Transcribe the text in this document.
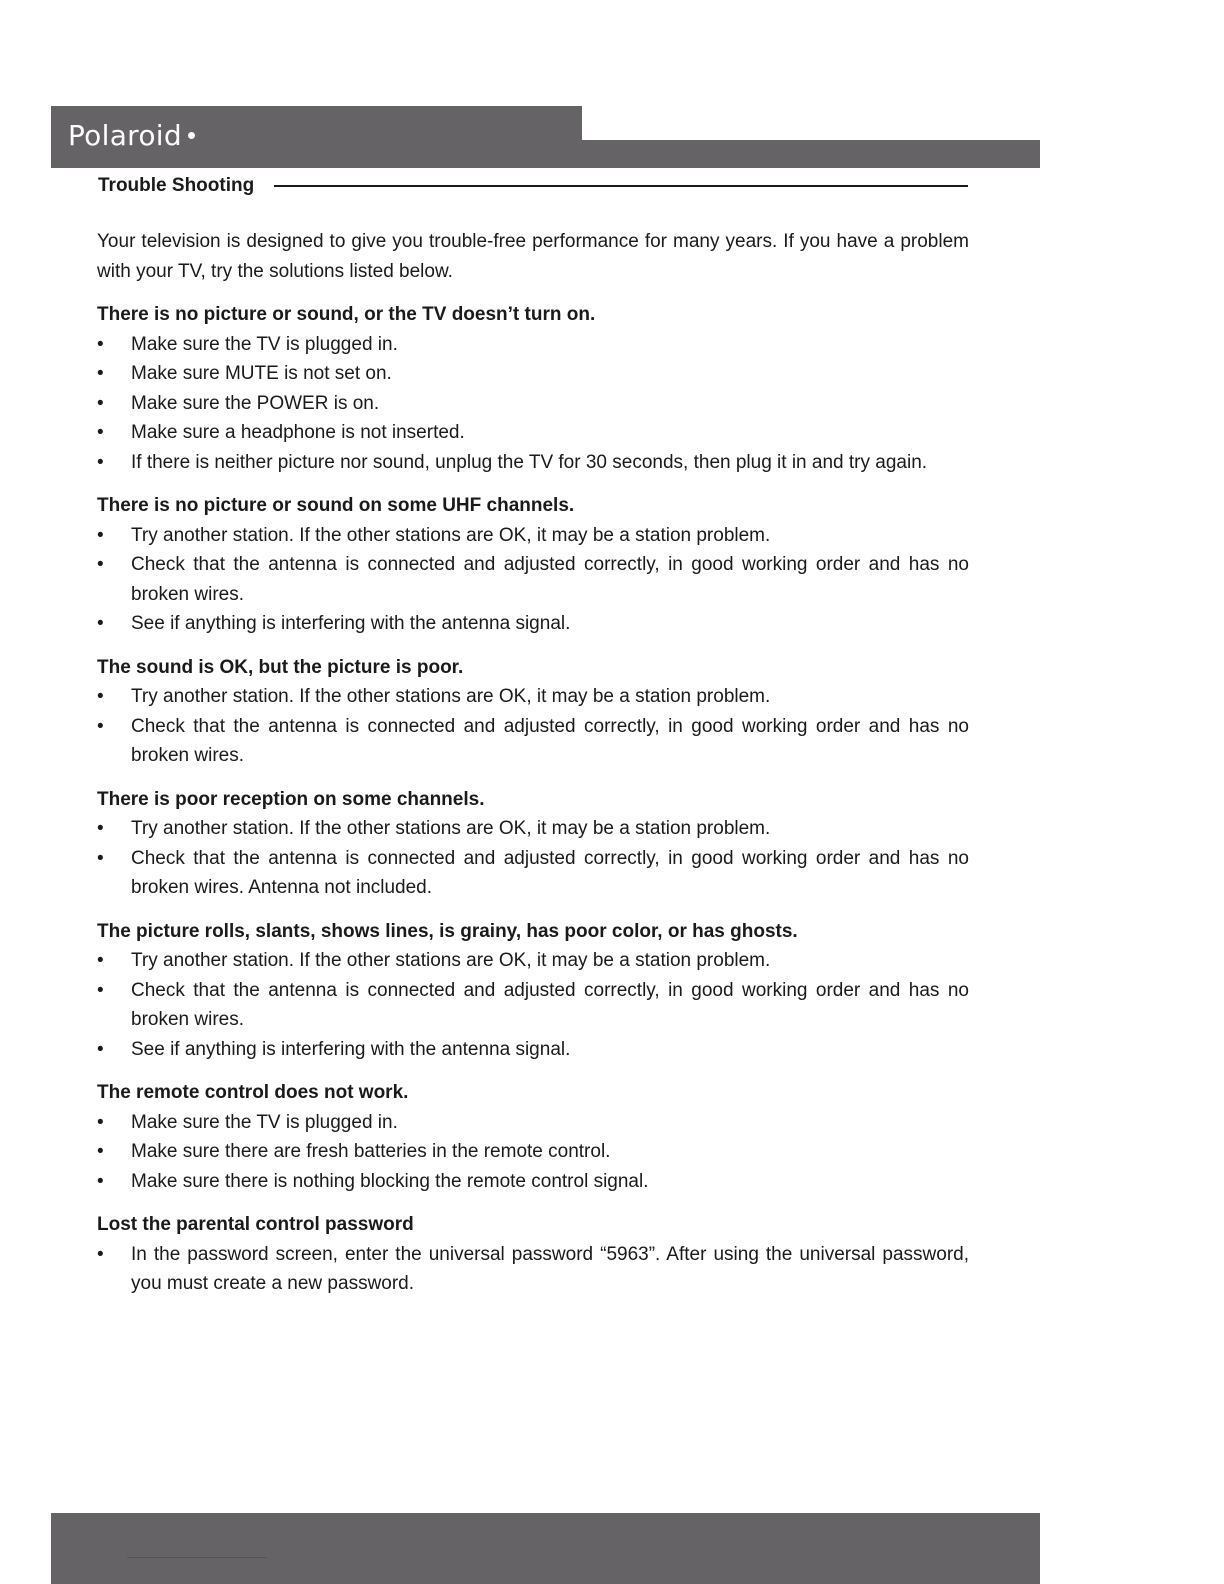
Polaroid
Trouble Shooting

Your television is designed to give you trouble-free performance for many years. If you have a problem with your TV, try the solutions listed below.

There is no picture or sound, or the TV doesn’t turn on.

• Make sure the TV is plugged in.
• Make sure MUTE is not set on.
• Make sure the POWER is on.
• Make sure a headphone is not inserted.
• If there is neither picture nor sound, unplug the TV for 30 seconds, then plug it in and try again.

There is no picture or sound on some UHF channels.

• Try another station. If the other stations are OK, it may be a station problem.
• Check that the antenna is connected and adjusted correctly, in good working order and has no broken wires.
• See if anything is interfering with the antenna signal.

The sound is OK, but the picture is poor.

• Try another station. If the other stations are OK, it may be a station problem.
• Check that the antenna is connected and adjusted correctly, in good working order and has no broken wires.

There is poor reception on some channels.

• Try another station. If the other stations are OK, it may be a station problem.
• Check that the antenna is connected and adjusted correctly, in good working order and has no broken wires. Antenna not included.

The picture rolls, slants, shows lines, is grainy, has poor color, or has ghosts.

• Try another station. If the other stations are OK, it may be a station problem.
• Check that the antenna is connected and adjusted correctly, in good working order and has no broken wires.
• See if anything is interfering with the antenna signal.

The remote control does not work.

• Make sure the TV is plugged in.
• Make sure there are fresh batteries in the remote control.
• Make sure there is nothing blocking the remote control signal.

Lost the parental control password

• In the password screen, enter the universal password “5963”. After using the universal password, you must create a new password.
